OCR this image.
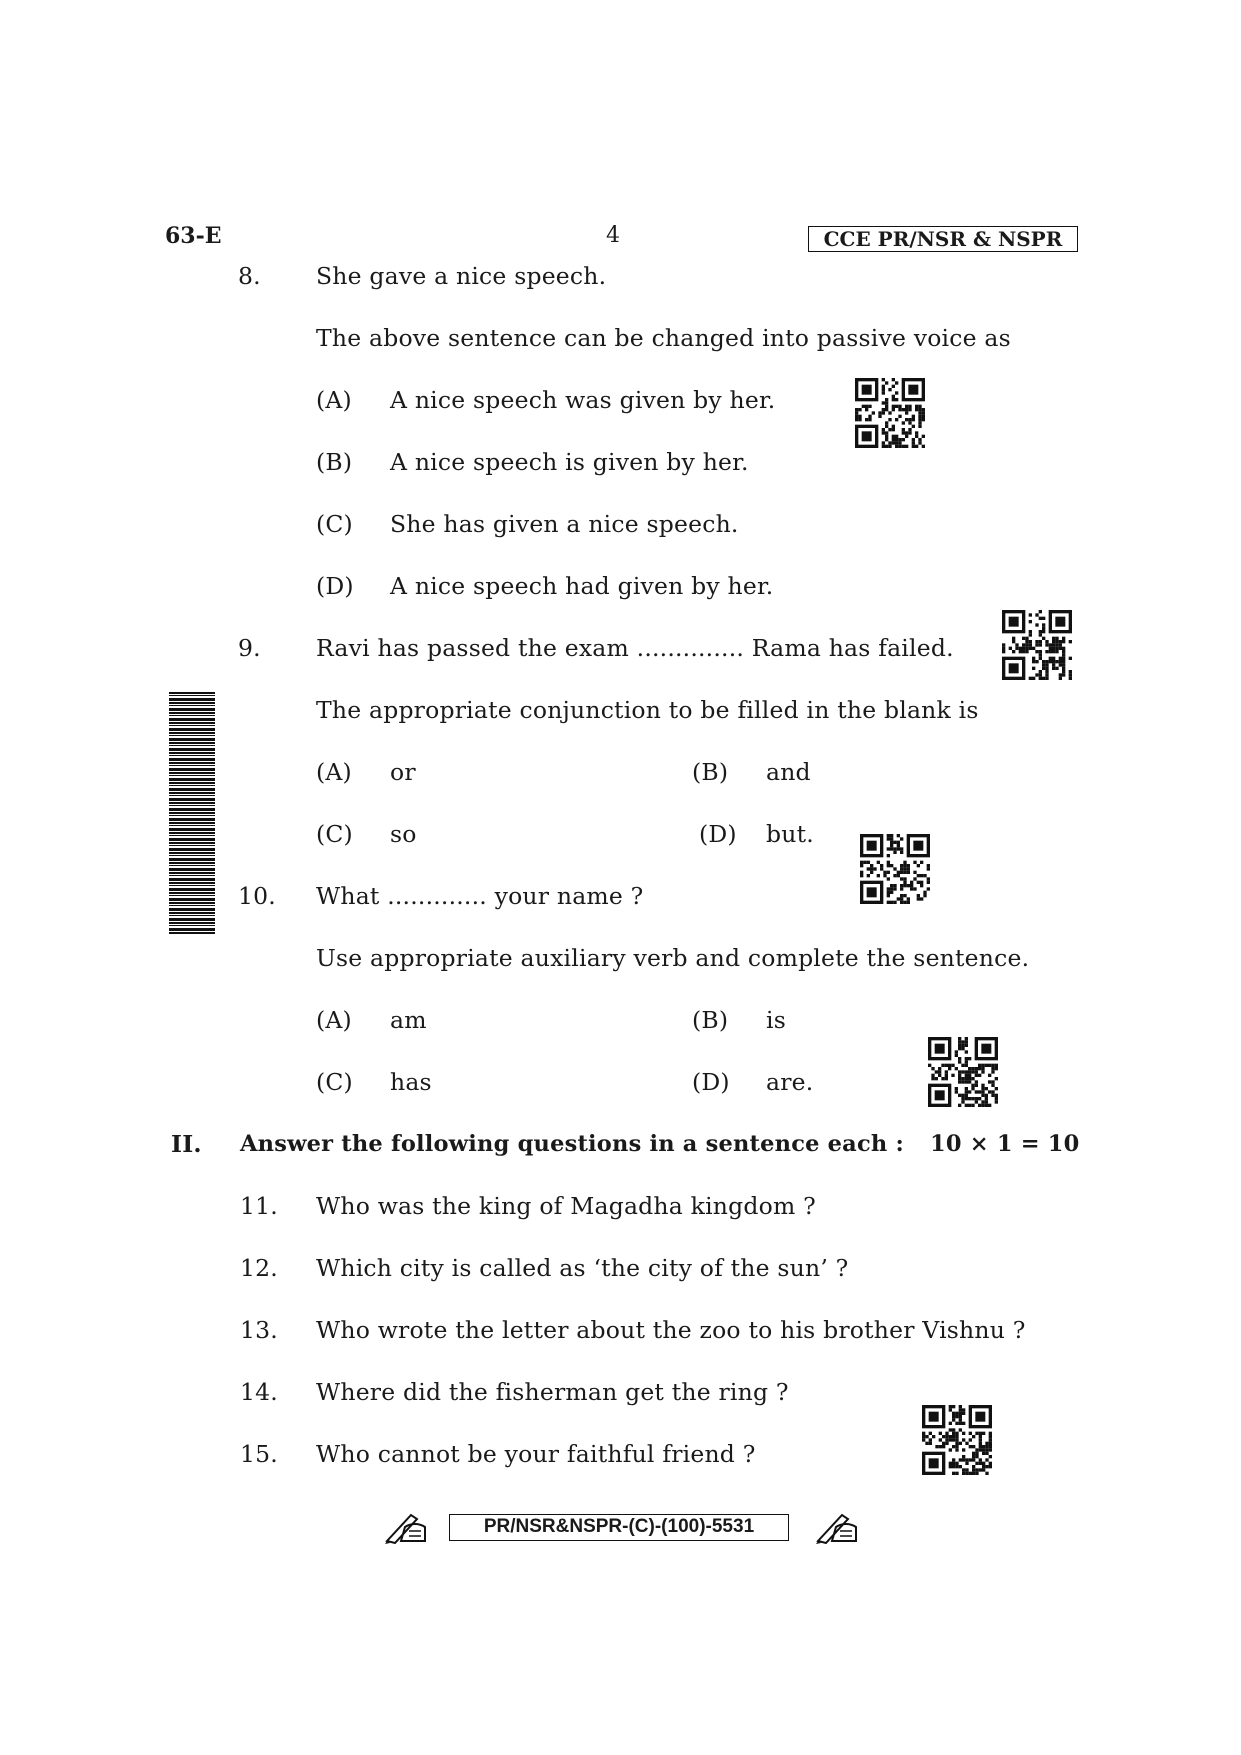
63-E	4	CCE PR/NSR & NSPR
8. She gave a nice speech.
The above sentence can be changed into passive voice as
(A) A nice speech was given by her.
(B) A nice speech is given by her.
(C) She has given a nice speech.
(D) A nice speech had given by her.
9. Ravi has passed the exam .............. Rama has failed.
The appropriate conjunction to be filled in the blank is
(A) or	(B) and
(C) so	(D) but.
10. What ............. your name ?
Use appropriate auxiliary verb and complete the sentence.
(A) am	(B) is
(C) has	(D) are.
II. Answer the following questions in a sentence each : 10 × 1 = 10
11. Who was the king of Magadha kingdom ?
12. Which city is called as ‘the city of the sun’ ?
13. Who wrote the letter about the zoo to his brother Vishnu ?
14. Where did the fisherman get the ring ?
15. Who cannot be your faithful friend ?
PR/NSR&NSPR-(C)-(100)-5531
